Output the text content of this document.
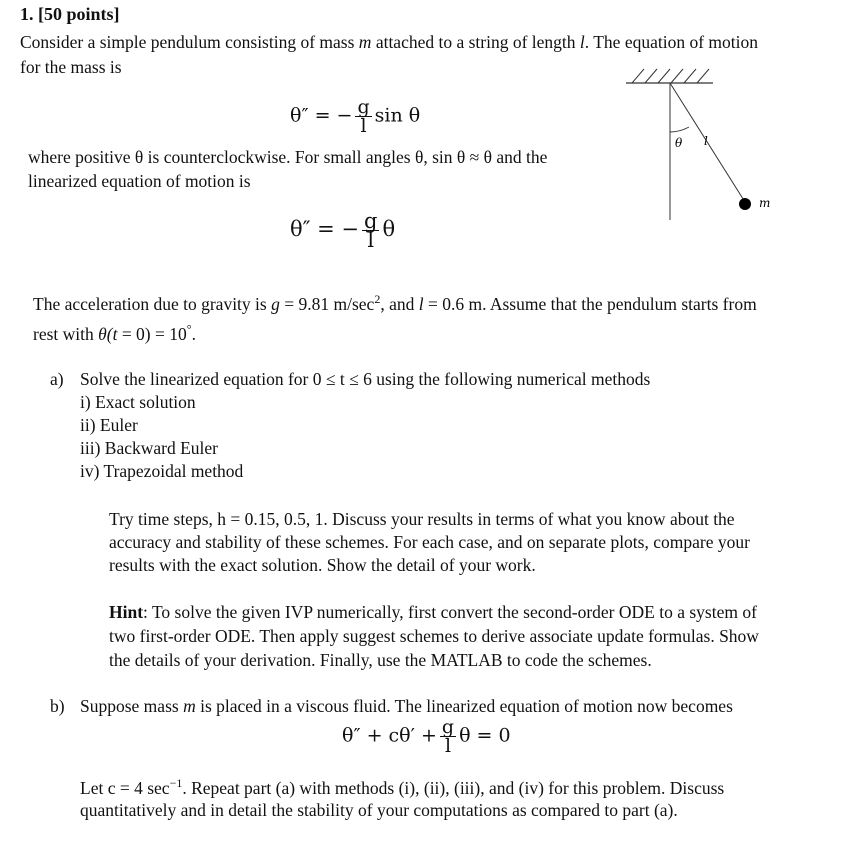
1. [50 points]
Consider a simple pendulum consisting of mass m attached to a string of length l. The equation of motion
for the mass is
θ″ = − $\frac{g}{l}$ sin θ
where positive θ is counterclockwise. For small angles θ, sin θ ≈ θ and the
linearized equation of motion is
θ″ = − $\frac{g}{l}$ θ
θ l
m
The acceleration due to gravity is g = 9.81 $m/\sec^2$, and l = 0.6 m. Assume that the pendulum starts from
rest with θ(t = 0) = 10°.
a) Solve the linearized equation for 0 ≤ t ≤ 6 using the following numerical methods
i) Exact solution
ii) Euler
iii) Backward Euler
iv) Trapezoidal method
Try time steps, h = 0.15, 0.5, 1. Discuss your results in terms of what you know about the
accuracy and stability of these schemes. For each case, and on separate plots, compare your
results with the exact solution. Show the detail of your work.
Hint: To solve the given IVP numerically, first convert the second-order ODE to a system of
two first-order ODE. Then apply suggest schemes to derive associate update formulas. Show
the details of your derivation. Finally, use the MATLAB to code the schemes.
b) Suppose mass m is placed in a viscous fluid. The linearized equation of motion now becomes
$\theta'' + c\theta' + \frac{g}{l}$ θ = 0
Let c = 4 $\sec^{-1}$. Repeat part (a) with methods (i), (ii), (iii), and (iv) for this problem. Discuss
quantitatively and in detail the stability of your computations as compared to part (a).
